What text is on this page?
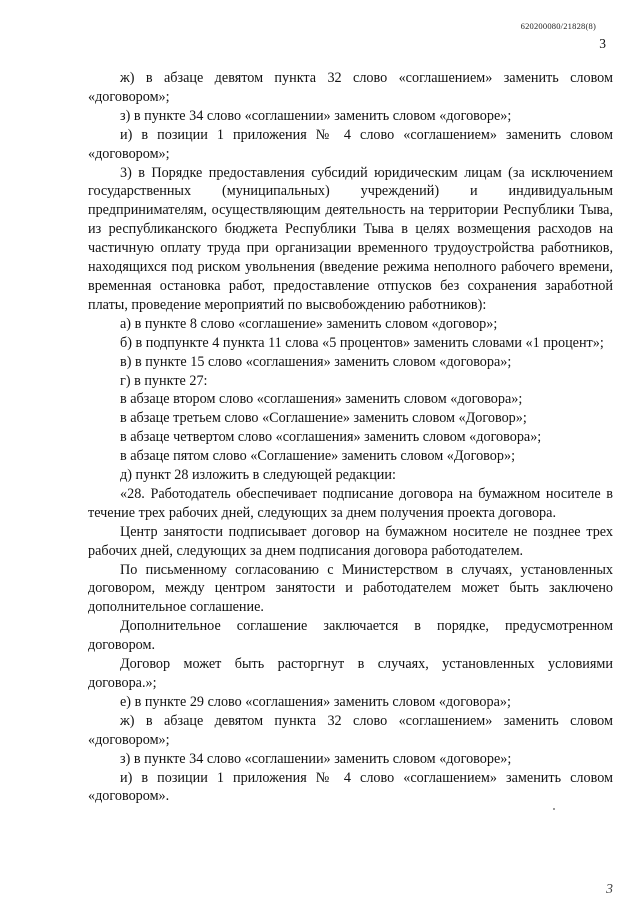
620200080/21828(8)
3

ж) в абзаце девятом пункта 32 слово «соглашением» заменить словом «договором»;

з) в пункте 34 слово «соглашении» заменить словом «договоре»;

и) в позиции 1 приложения № 4 слово «соглашением» заменить словом «договором»;

3) в Порядке предоставления субсидий юридическим лицам (за исключением государственных (муниципальных) учреждений) и индивидуальным предпринимателям, осуществляющим деятельность на территории Республики Тыва, из республиканского бюджета Республики Тыва в целях возмещения расходов на частичную оплату труда при организации временного трудоустройства работников, находящихся под риском увольнения (введение режима неполного рабочего времени, временная остановка работ, предоставление отпусков без сохранения заработной платы, проведение мероприятий по высвобождению работников):

а) в пункте 8 слово «соглашение» заменить словом «договор»;

б) в подпункте 4 пункта 11 слова «5 процентов» заменить словами «1 процент»;

в) в пункте 15 слово «соглашения» заменить словом «договора»;

г) в пункте 27:

в абзаце втором слово «соглашения» заменить словом «договора»;

в абзаце третьем слово «Соглашение» заменить словом «Договор»;

в абзаце четвертом слово «соглашения» заменить словом «договора»;

в абзаце пятом слово «Соглашение» заменить словом «Договор»;

д) пункт 28 изложить в следующей редакции:

«28. Работодатель обеспечивает подписание договора на бумажном носителе в течение трех рабочих дней, следующих за днем получения проекта договора.

Центр занятости подписывает договор на бумажном носителе не позднее трех рабочих дней, следующих за днем подписания договора работодателем.

По письменному согласованию с Министерством в случаях, установленных договором, между центром занятости и работодателем может быть заключено дополнительное соглашение.

Дополнительное соглашение заключается в порядке, предусмотренном договором.

Договор может быть расторгнут в случаях, установленных условиями договора.»;

е) в пункте 29 слово «соглашения» заменить словом «договора»;

ж) в абзаце девятом пункта 32 слово «соглашением» заменить словом «договором»;

з) в пункте 34 слово «соглашении» заменить словом «договоре»;

и) в позиции 1 приложения № 4 слово «соглашением» заменить словом «договором».

3
